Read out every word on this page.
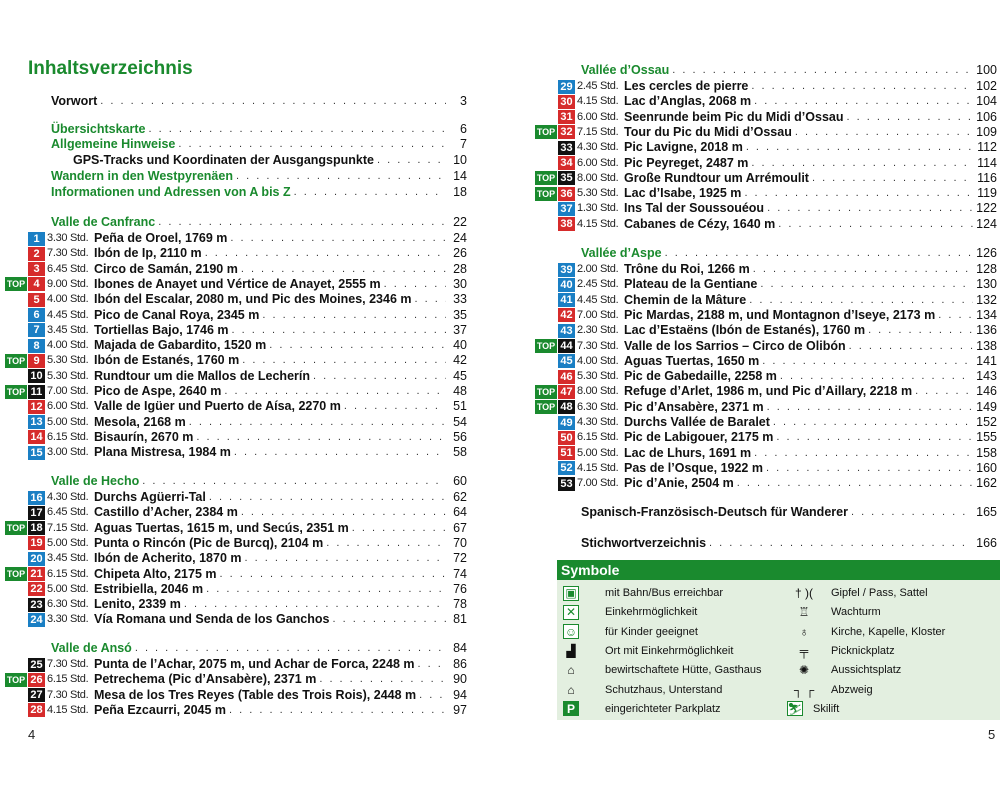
Inhaltsverzeichnis
Vorwort . . .	3
Übersichtskarte . . .	6
Allgemeine Hinweise . . .	7
GPS-Tracks und Koordinaten der Ausgangspunkte . . .	10
Wandern in den Westpyrenäen . . .	14
Informationen und Adressen von A bis Z . . .	18
Valle de Canfranc . . .	22
1 3.30 Std. Peña de Oroel, 1769 m . . .	24
2 7.30 Std. Ibón de Ip, 2110 m . . .	26
3 6.45 Std. Circo de Samán, 2190 m . . .	28
TOP 4 9.00 Std. Ibones de Anayet und Vértice de Anayet, 2555 m . . .	30
5 4.00 Std. Ibón del Escalar, 2080 m, und Pic des Moines, 2346 m . . .	33
6 4.45 Std. Pico de Canal Roya, 2345 m . . .	35
7 3.45 Std. Tortiellas Bajo, 1746 m . . .	37
8 4.00 Std. Majada de Gabardito, 1520 m . . .	40
TOP 9 5.30 Std. Ibón de Estanés, 1760 m . . .	42
10 5.30 Std. Rundtour um die Mallos de Lecherín . . .	45
TOP 11 7.00 Std. Pico de Aspe, 2640 m . . .	48
12 6.00 Std. Valle de Igüer und Puerto de Aísa, 2270 m . . .	51
13 5.00 Std. Mesola, 2168 m . . .	54
14 6.15 Std. Bisaurín, 2670 m . . .	56
15 3.00 Std. Plana Mistresa, 1984 m . . .	58
Valle de Hecho . . .	60
16 4.30 Std. Durchs Agüerri-Tal . . .	62
17 6.45 Std. Castillo d’Acher, 2384 m . . .	64
TOP 18 7.15 Std. Aguas Tuertas, 1615 m, und Secús, 2351 m . . .	67
19 5.00 Std. Punta o Rincón (Pic de Burcq), 2104 m . . .	70
20 3.45 Std. Ibón de Acherito, 1870 m . . .	72
TOP 21 6.15 Std. Chipeta Alto, 2175 m . . .	74
22 5.00 Std. Estribiella, 2046 m . . .	76
23 6.30 Std. Lenito, 2339 m . . .	78
24 3.30 Std. Vía Romana und Senda de los Ganchos . . .	81
Valle de Ansó . . .	84
25 7.30 Std. Punta de l’Achar, 2075 m, und Achar de Forca, 2248 m . . .	86
TOP 26 6.15 Std. Petrechema (Pic d’Ansabère), 2371 m . . .	90
27 7.30 Std. Mesa de los Tres Reyes (Table des Trois Rois), 2448 m . . .	94
28 4.15 Std. Peña Ezcaurri, 2045 m . . .	97
4
Vallée d’Ossau . . .	100
29 2.45 Std. Les cercles de pierre . . .	102
30 4.15 Std. Lac d’Anglas, 2068 m . . .	104
31 6.00 Std. Seenrunde beim Pic du Midi d’Ossau . . .	106
TOP 32 7.15 Std. Tour du Pic du Midi d’Ossau . . .	109
33 4.30 Std. Pic Lavigne, 2018 m . . .	112
34 6.00 Std. Pic Peyreget, 2487 m . . .	114
TOP 35 8.00 Std. Große Rundtour um Arrémoulit . . .	116
TOP 36 5.30 Std. Lac d’Isabe, 1925 m . . .	119
37 1.30 Std. Ins Tal der Soussouéou . . .	122
38 4.15 Std. Cabanes de Cézy, 1640 m . . .	124
Vallée d’Aspe . . .	126
39 2.00 Std. Trône du Roi, 1266 m . . .	128
40 2.45 Std. Plateau de la Gentiane . . .	130
41 4.45 Std. Chemin de la Mâture . . .	132
42 7.00 Std. Pic Mardas, 2188 m, und Montagnon d’Iseye, 2173 m . . .	134
43 2.30 Std. Lac d’Estaëns (Ibón de Estanés), 1760 m . . .	136
TOP 44 7.30 Std. Valle de los Sarrios – Circo de Olibón . . .	138
45 4.00 Std. Aguas Tuertas, 1650 m . . .	141
46 5.30 Std. Pic de Gabedaille, 2258 m . . .	143
TOP 47 8.00 Std. Refuge d’Arlet, 1986 m, und Pic d’Aillary, 2218 m . . .	146
TOP 48 6.30 Std. Pic d’Ansabère, 2371 m . . .	149
49 4.30 Std. Durchs Vallée de Baralet . . .	152
50 6.15 Std. Pic de Labigouer, 2175 m . . .	155
51 5.00 Std. Lac de Lhurs, 1691 m . . .	158
52 4.15 Std. Pas de l’Osque, 1922 m . . .	160
53 7.00 Std. Pic d’Anie, 2504 m . . .	162
Spanisch-Französisch-Deutsch für Wanderer . . .	165
Stichwortverzeichnis . . .	166
Symbole
▣	mit Bahn/Bus erreichbar
✕	Einkehrmöglichkeit
☺	für Kinder geeignet
▟	Ort mit Einkehrmöglichkeit
⌂	bewirtschaftete Hütte, Gasthaus
⌂	Schutzhaus, Unterstand
P	eingerichteter Parkplatz
† )(	Gipfel / Pass, Sattel
♖	Wachturm
♁	Kirche, Kapelle, Kloster
╤	Picknickplatz
✺	Aussichtsplatz
┐ ┌	Abzweig
⛷ Skilift
5
